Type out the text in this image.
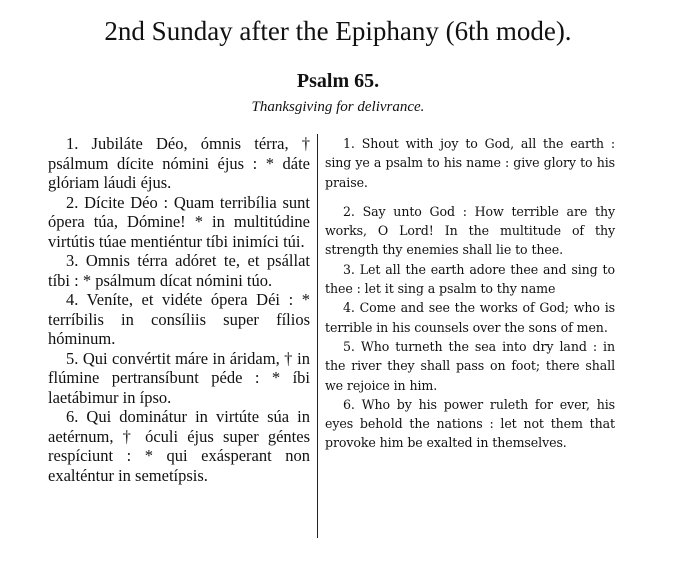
2nd Sunday after the Epiphany (6th mode).
Psalm 65.
Thanksgiving for delivrance.

1. Jubiláte Déo, ómnis térra, † psálmum dícite nómini éjus : * dáte glóriam láudi éjus.

2. Dícite Déo : Quam terribília sunt ópera túa, Dómine! * in multitúdine virtútis túae mentiéntur tíbi inimíci túi.

3. Omnis térra adóret te, et psállat tíbi : * psálmum dícat nómini túo.

4. Veníte, et vidéte ópera Déi : * terríbilis in consíliis super fílios hóminum.

5. Qui convértit máre in áridam, † in flúmine pertransíbunt péde : * íbi laetábimur in ípso.

6. Qui dominátur in virtúte súa in aetérnum, † óculi éjus super géntes respíciunt : * qui exásperant non exalténtur in semetípsis.

1. Shout with joy to God, all the earth : sing ye a psalm to his name : give glory to his praise.

2. Say unto God : How terrible are thy works, O Lord! In the multitude of thy strength thy enemies shall lie to thee.

3. Let all the earth adore thee and sing to thee : let it sing a psalm to thy name

4. Come and see the works of God; who is terrible in his counsels over the sons of men.

5. Who turneth the sea into dry land : in the river they shall pass on foot; there shall we rejoice in him.

6. Who by his power ruleth for ever, his eyes behold the nations : let not them that provoke him be exalted in themselves.
